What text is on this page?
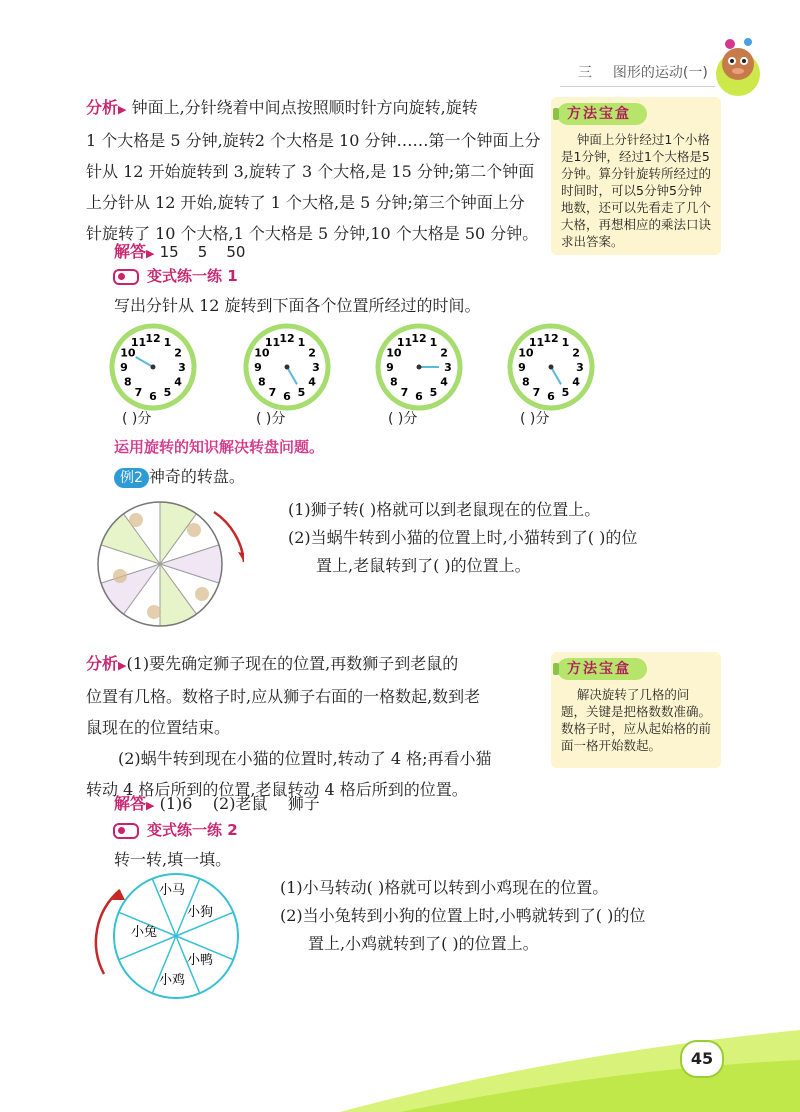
三 图形的运动(一)

分析▶ 钟面上,分针绕着中间点按照顺时针方向旋转,旋转

1 个大格是 5 分钟,旋转2 个大格是 10 分钟……第一个钟面上分

针从 12 开始旋转到 3,旋转了 3 个大格,是 15 分钟;第二个钟面

上分针从 12 开始,旋转了 1 个大格,是 5 分钟;第三个钟面上分

针旋转了 10 个大格,1 个大格是 5 分钟,10 个大格是 50 分钟。

解答▶ 15    5    50
方法宝盒
钟面上分针经过1个小格是1分钟，经过1个大格是5分钟。算分针旋转所经过的时间时，可以5分钟5分钟地数，还可以先看走了几个大格，再想相应的乘法口诀求出答案。
变式练一练 1
写出分针从 12 旋转到下面各个位置所经过的时间。
12 1
2
3
4
5
6
7
8
9
10
11
( )分
12 1
2
3
4
5
6
7
8
9
10
11
( )分
12 1
2
3
4
5
6
7
8
9
10
11
( )分
12 1
2
3
4
5
6
7
8
9
10
11
( )分
运用旋转的知识解决转盘问题。
例2 神奇的转盘。
(1)狮子转( )格就可以到老鼠现在的位置上。
(2)当蜗牛转到小猫的位置上时,小猫转到了( )的位
置上,老鼠转到了( )的位置上。

分析▶(1)要先确定狮子现在的位置,再数狮子到老鼠的

位置有几格。数格子时,应从狮子右面的一格数起,数到老

鼠现在的位置结束。

(2)蜗牛转到现在小猫的位置时,转动了 4 格;再看小猫

转动 4 格后所到的位置,老鼠转动 4 格后所到的位置。

解答▶ (1)6    (2)老鼠    狮子
方法宝盒
解决旋转了几格的问题，关键是把格数数准确。数格子时，应从起始格的前面一格开始数起。
变式练一练 2
转一转,填一填。
小马
小狗
小鸭
小鸡
小兔
(1)小马转动( )格就可以转到小鸡现在的位置。
(2)当小兔转到小狗的位置上时,小鸭就转到了( )的位
置上,小鸡就转到了( )的位置上。
45
